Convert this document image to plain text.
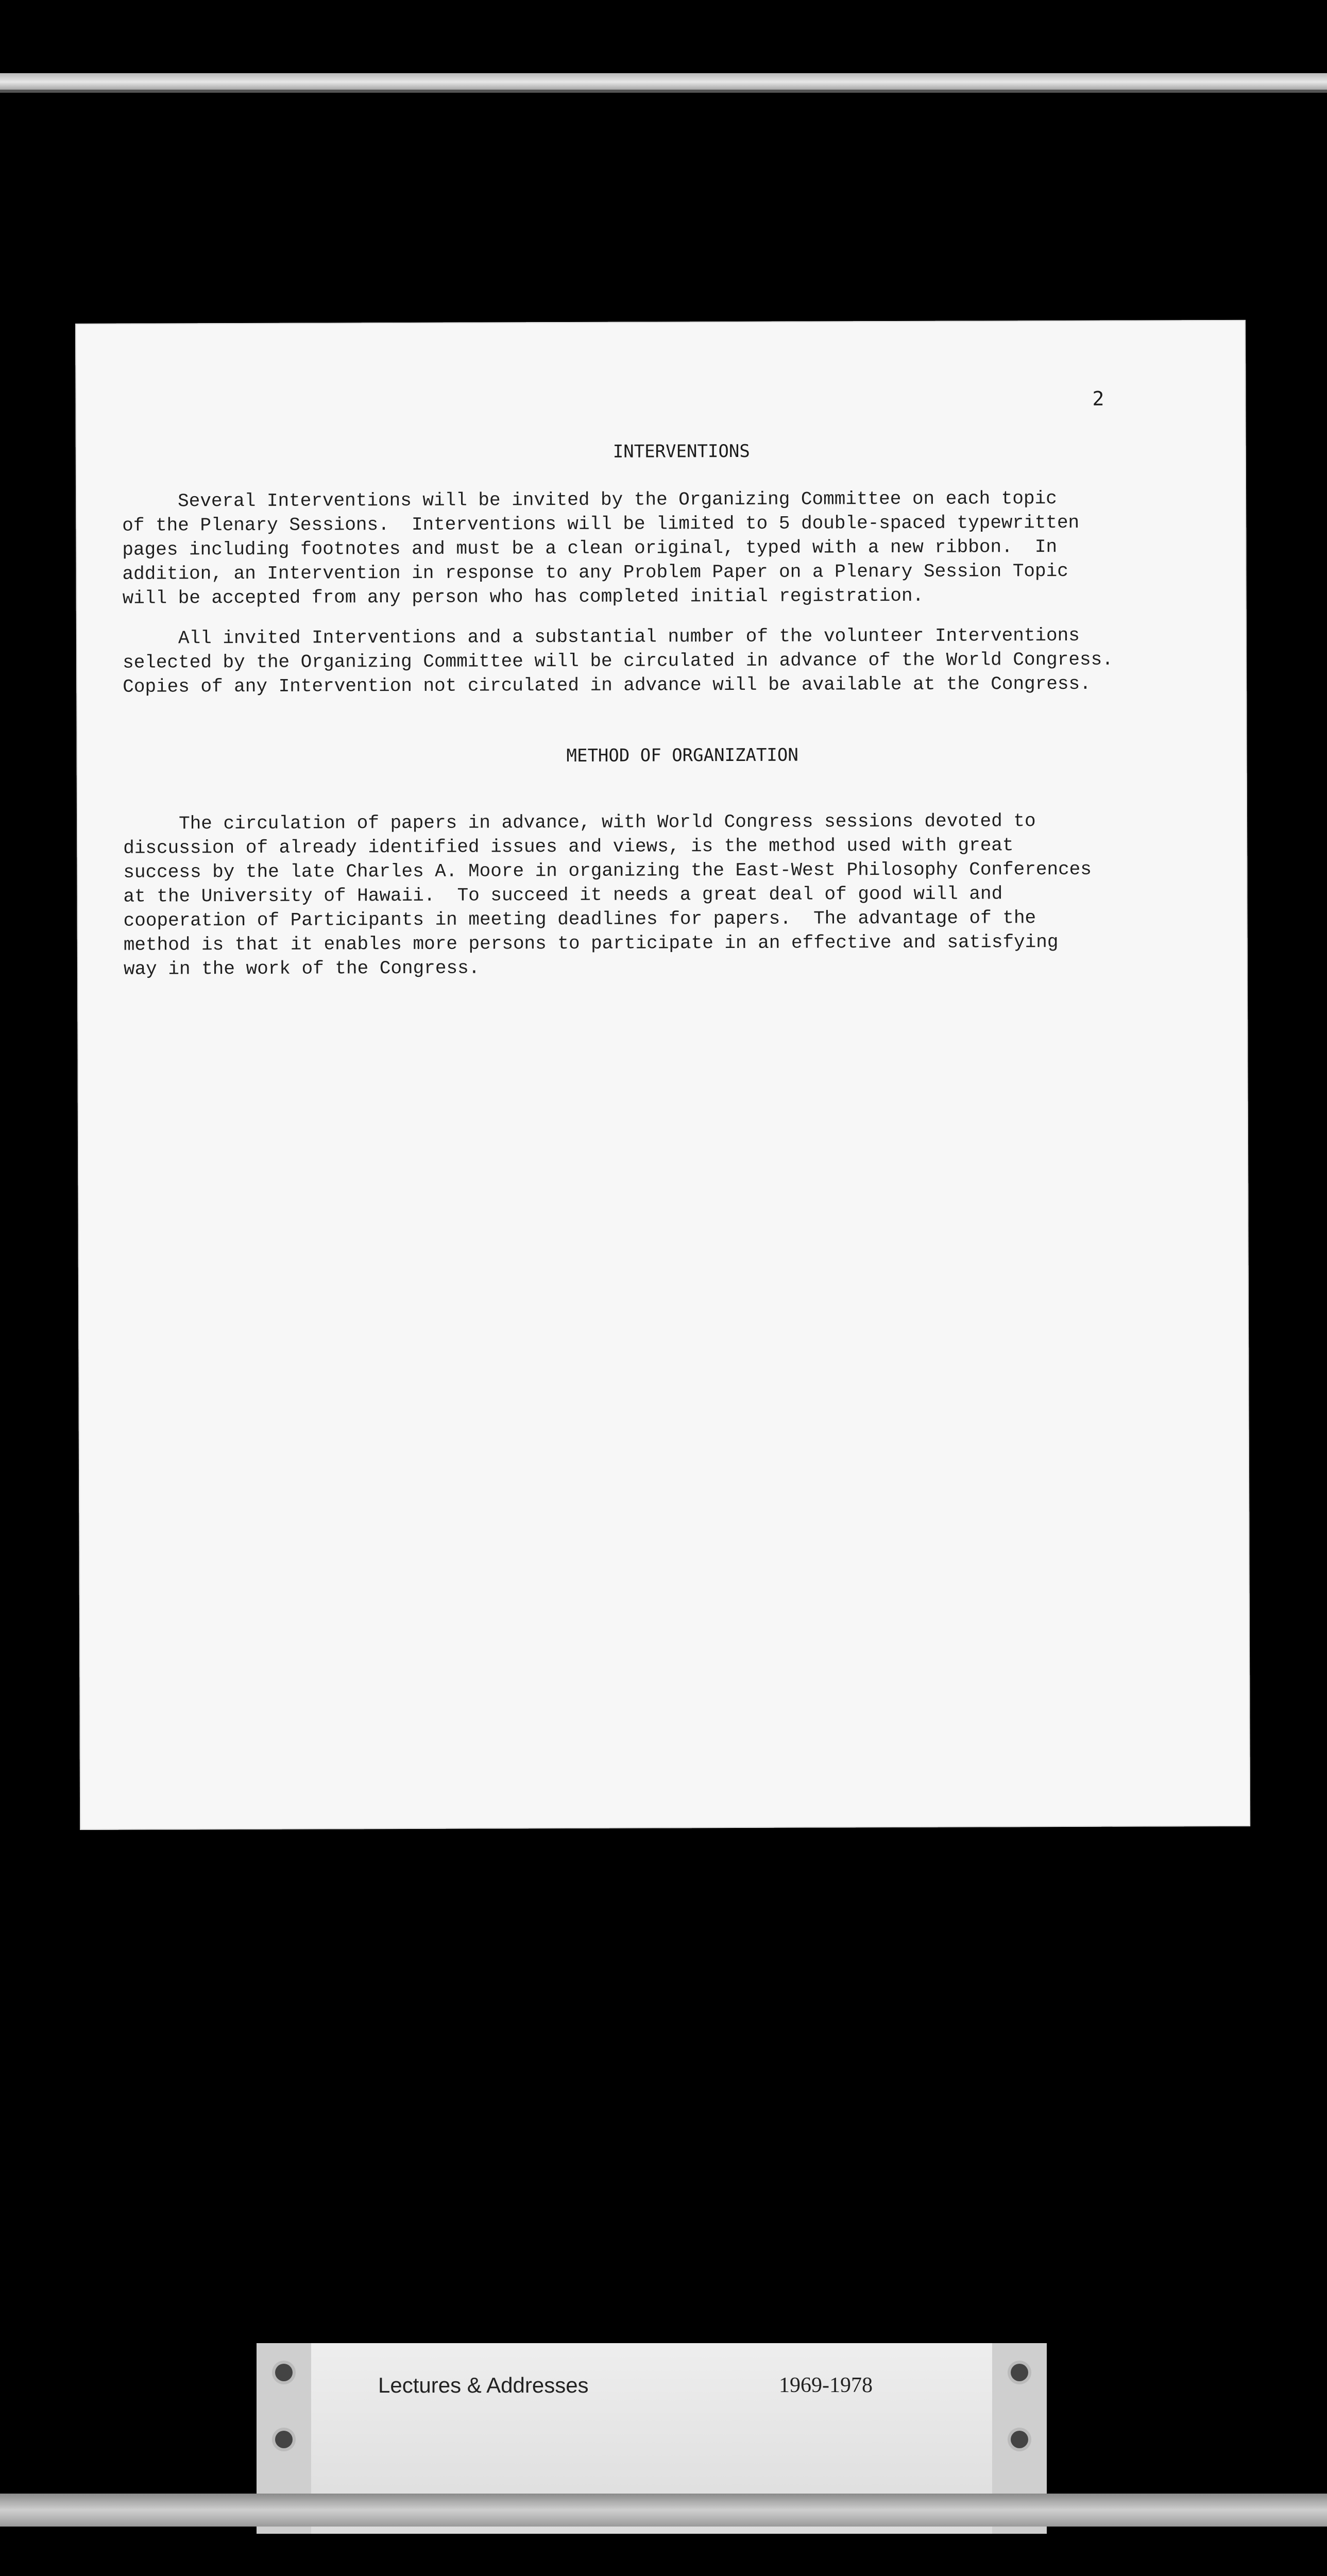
2
INTERVENTIONS
Several Interventions will be invited by the Organizing Committee on each topic
of the Plenary Sessions.  Interventions will be limited to 5 double-spaced typewritten
pages including footnotes and must be a clean original, typed with a new ribbon.  In
addition, an Intervention in response to any Problem Paper on a Plenary Session Topic
will be accepted from any person who has completed initial registration.
All invited Interventions and a substantial number of the volunteer Interventions
selected by the Organizing Committee will be circulated in advance of the World Congress.
Copies of any Intervention not circulated in advance will be available at the Congress.
METHOD OF ORGANIZATION
The circulation of papers in advance, with World Congress sessions devoted to
discussion of already identified issues and views, is the method used with great
success by the late Charles A. Moore in organizing the East-West Philosophy Conferences
at the University of Hawaii.  To succeed it needs a great deal of good will and
cooperation of Participants in meeting deadlines for papers.  The advantage of the
method is that it enables more persons to participate in an effective and satisfying
way in the work of the Congress.
Lectures & Addresses	1969-1978
